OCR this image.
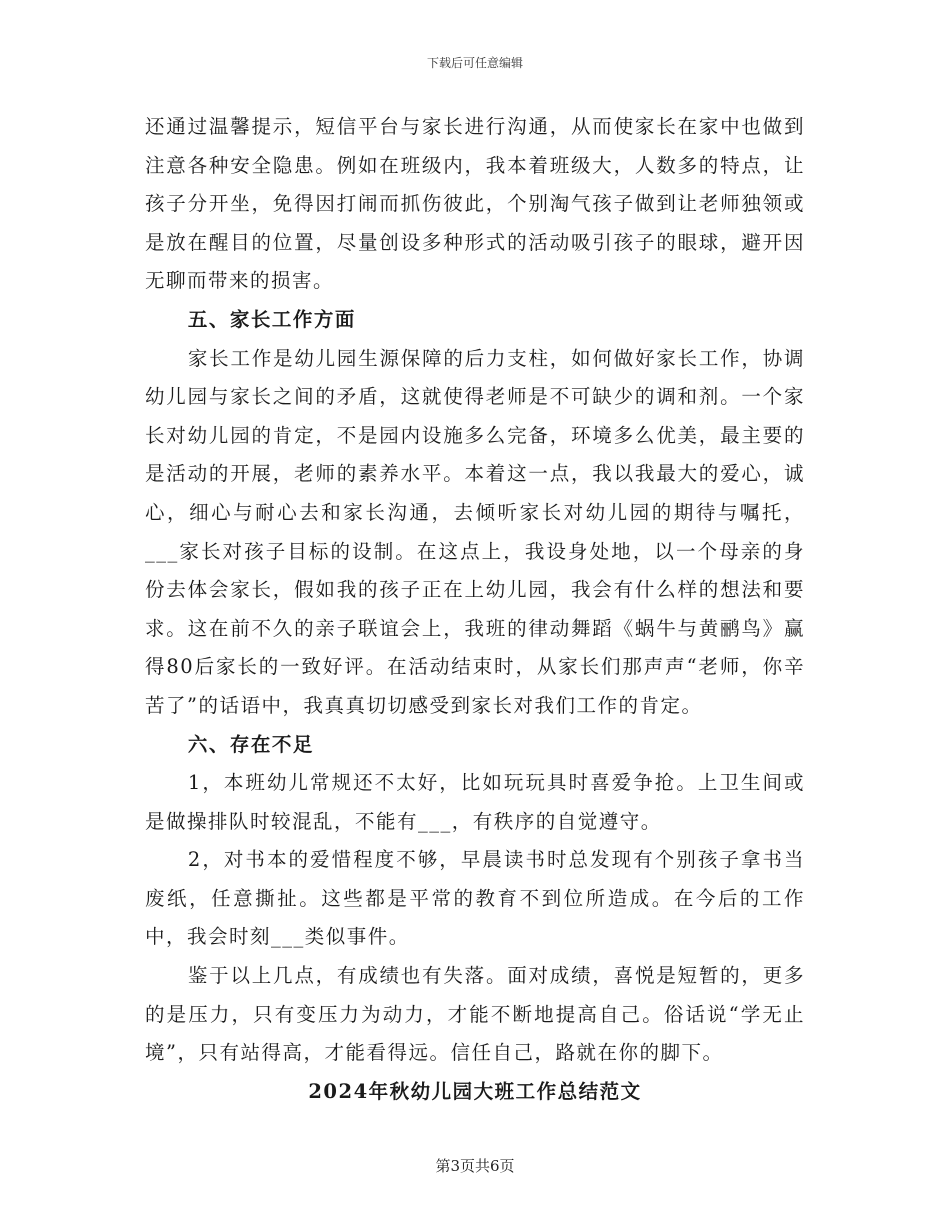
下载后可任意编辑

还通过温馨提示，短信平台与家长进行沟通，从而使家长在家中也做到注意各种安全隐患。例如在班级内，我本着班级大，人数多的特点，让孩子分开坐，免得因打闹而抓伤彼此，个别淘气孩子做到让老师独领或是放在醒目的位置，尽量创设多种形式的活动吸引孩子的眼球，避开因无聊而带来的损害。

五、家长工作方面

家长工作是幼儿园生源保障的后力支柱，如何做好家长工作，协调幼儿园与家长之间的矛盾，这就使得老师是不可缺少的调和剂。一个家长对幼儿园的肯定，不是园内设施多么完备，环境多么优美，最主要的是活动的开展，老师的素养水平。本着这一点，我以我最大的爱心，诚心，细心与耐心去和家长沟通，去倾听家长对幼儿园的期待与嘱托，___家长对孩子目标的设制。在这点上，我设身处地，以一个母亲的身份去体会家长，假如我的孩子正在上幼儿园，我会有什么样的想法和要求。这在前不久的亲子联谊会上，我班的律动舞蹈《蜗牛与黄鹂鸟》赢得80后家长的一致好评。在活动结束时，从家长们那声声“老师，你辛苦了”的话语中，我真真切切感受到家长对我们工作的肯定。

六、存在不足

1，本班幼儿常规还不太好，比如玩玩具时喜爱争抢。上卫生间或是做操排队时较混乱，不能有___，有秩序的自觉遵守。

2，对书本的爱惜程度不够，早晨读书时总发现有个别孩子拿书当废纸，任意撕扯。这些都是平常的教育不到位所造成。在今后的工作中，我会时刻___类似事件。

鉴于以上几点，有成绩也有失落。面对成绩，喜悦是短暂的，更多的是压力，只有变压力为动力，才能不断地提高自己。俗话说“学无止境”，只有站得高，才能看得远。信任自己，路就在你的脚下。

2024年秋幼儿园大班工作总结范文

第3页共6页
